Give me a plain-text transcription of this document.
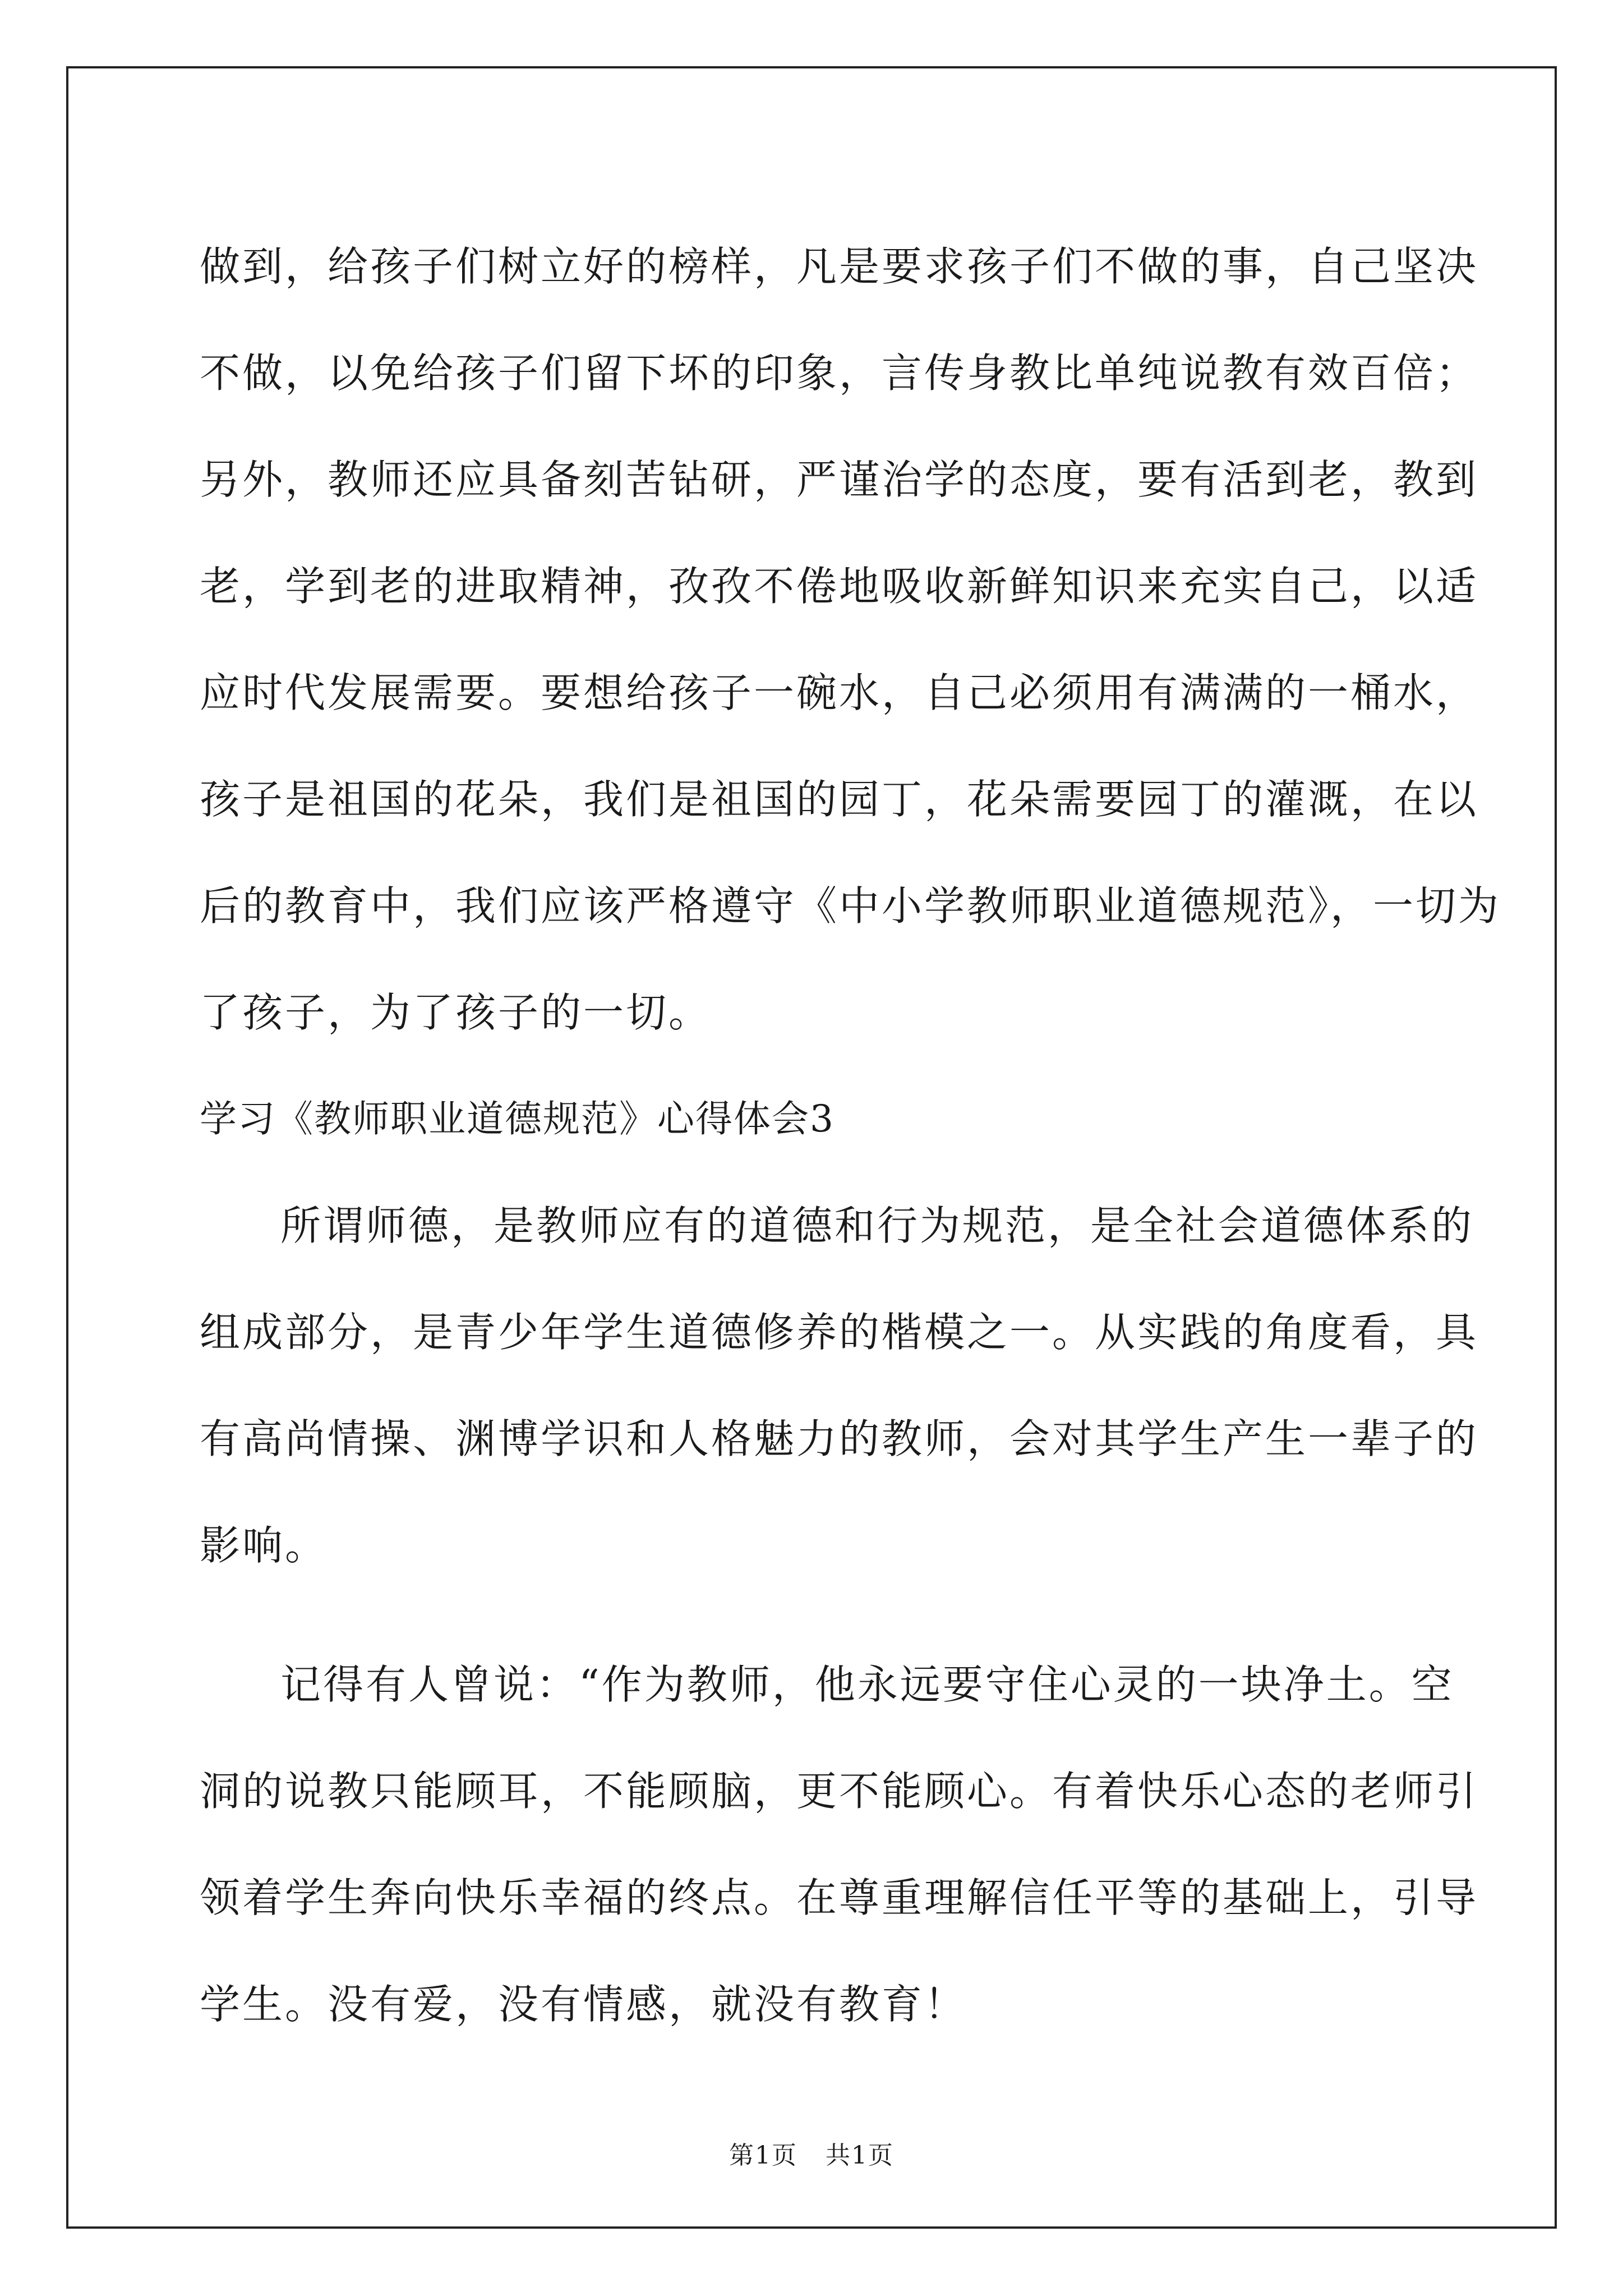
做到，给孩子们树立好的榜样，凡是要求孩子们不做的事，自己坚决
不做，以免给孩子们留下坏的印象，言传身教比单纯说教有效百倍；
另外，教师还应具备刻苦钻研，严谨治学的态度，要有活到老，教到
老，学到老的进取精神，孜孜不倦地吸收新鲜知识来充实自己，以适
应时代发展需要。要想给孩子一碗水，自己必须用有满满的一桶水，
孩子是祖国的花朵，我们是祖国的园丁，花朵需要园丁的灌溉，在以
后的教育中，我们应该严格遵守《中小学教师职业道德规范》，一切为
了孩子，为了孩子的一切。
学习《教师职业道德规范》心得体会3
所谓师德，是教师应有的道德和行为规范，是全社会道德体系的
组成部分，是青少年学生道德修养的楷模之一。从实践的角度看，具
有高尚情操、渊博学识和人格魅力的教师，会对其学生产生一辈子的
影响。
记得有人曾说：“作为教师，他永远要守住心灵的一块净土。空
洞的说教只能顾耳，不能顾脑，更不能顾心。有着快乐心态的老师引
领着学生奔向快乐幸福的终点。在尊重理解信任平等的基础上，引导
学生。没有爱，没有情感，就没有教育！
第1页 共1页
